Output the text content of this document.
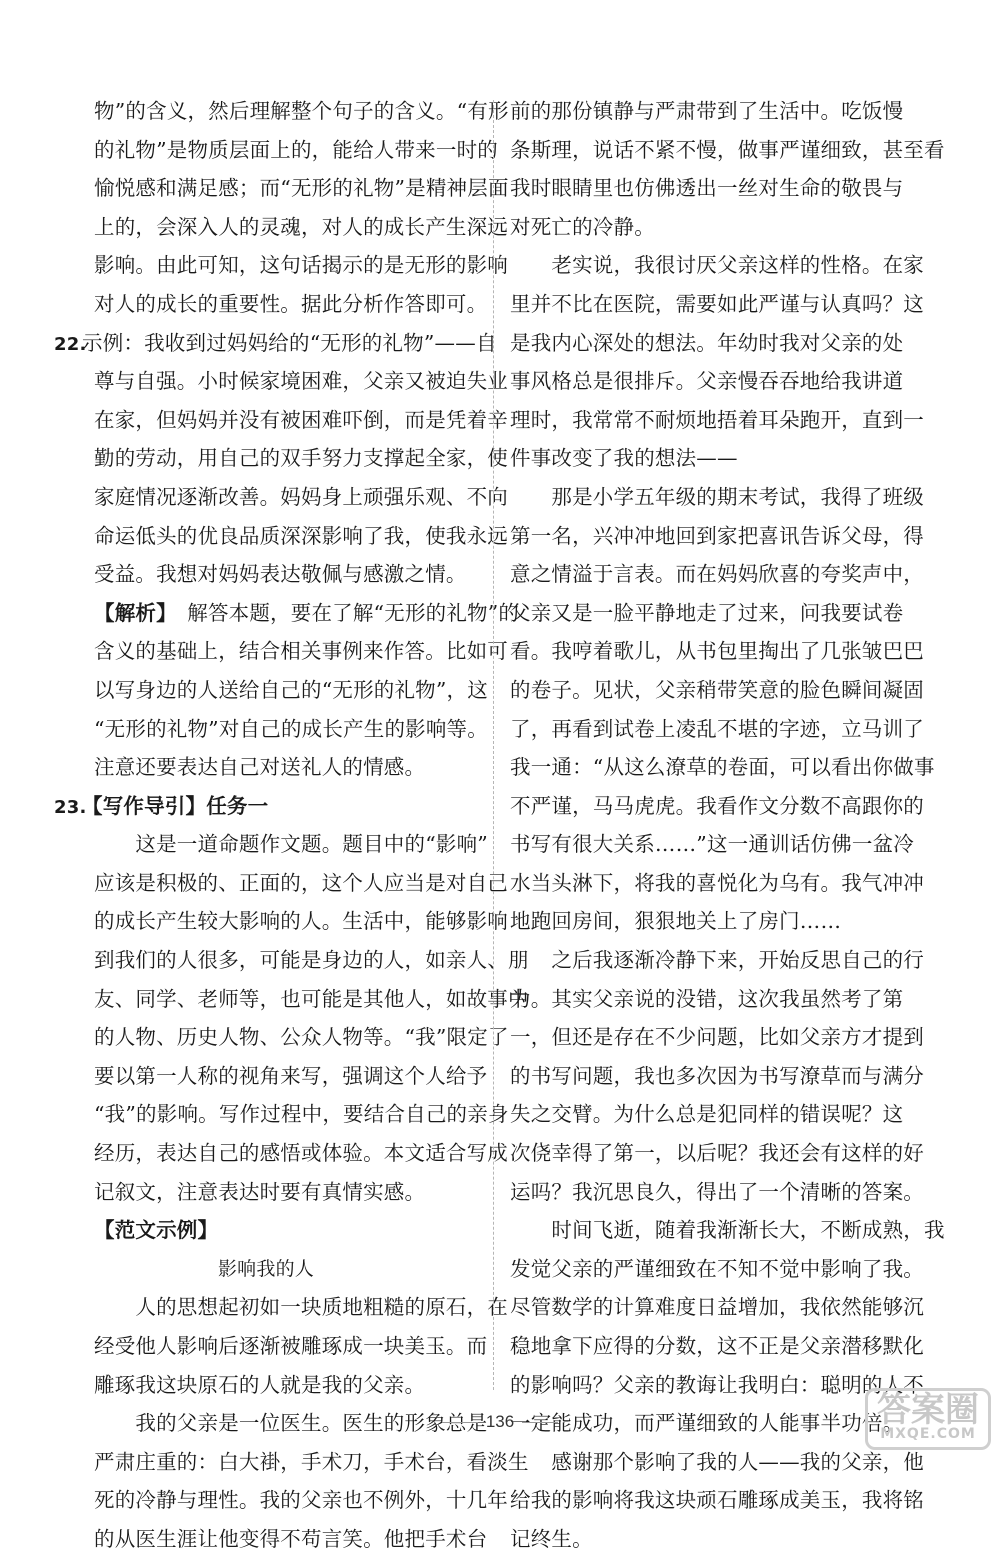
物”的含义，然后理解整个句子的含义。“有形
的礼物”是物质层面上的，能给人带来一时的
愉悦感和满足感；而“无形的礼物”是精神层面
上的，会深入人的灵魂，对人的成长产生深远
影响。由此可知，这句话揭示的是无形的影响
对人的成长的重要性。据此分析作答即可。
22.示例：我收到过妈妈给的“无形的礼物”——自
尊与自强。小时候家境困难，父亲又被迫失业
在家，但妈妈并没有被困难吓倒，而是凭着辛
勤的劳动，用自己的双手努力支撑起全家，使
家庭情况逐渐改善。妈妈身上顽强乐观、不向
命运低头的优良品质深深影响了我，使我永远
受益。我想对妈妈表达敬佩与感激之情。
【解析】　解答本题，要在了解“无形的礼物”的
含义的基础上，结合相关事例来作答。比如可
以写身边的人送给自己的“无形的礼物”，这
“无形的礼物”对自己的成长产生的影响等。
注意还要表达自己对送礼人的情感。
23.【写作导引】任务一
　　这是一道命题作文题。题目中的“影响”
应该是积极的、正面的，这个人应当是对自己
的成长产生较大影响的人。生活中，能够影响
到我们的人很多，可能是身边的人，如亲人、朋
友、同学、老师等，也可能是其他人，如故事中
的人物、历史人物、公众人物等。“我”限定了
要以第一人称的视角来写，强调这个人给予
“我”的影响。写作过程中，要结合自己的亲身
经历，表达自己的感悟或体验。本文适合写成
记叙文，注意表达时要有真情实感。
【范文示例】
影响我的人
　　人的思想起初如一块质地粗糙的原石，在
经受他人影响后逐渐被雕琢成一块美玉。而
雕琢我这块原石的人就是我的父亲。
　　我的父亲是一位医生。医生的形象总是
严肃庄重的：白大褂，手术刀，手术台，看淡生
死的冷静与理性。我的父亲也不例外，十几年
的从医生涯让他变得不苟言笑。他把手术台
前的那份镇静与严肃带到了生活中。吃饭慢
条斯理，说话不紧不慢，做事严谨细致，甚至看
我时眼睛里也仿佛透出一丝对生命的敬畏与
对死亡的冷静。
　　老实说，我很讨厌父亲这样的性格。在家
里并不比在医院，需要如此严谨与认真吗？这
是我内心深处的想法。年幼时我对父亲的处
事风格总是很排斥。父亲慢吞吞地给我讲道
理时，我常常不耐烦地捂着耳朵跑开，直到一
件事改变了我的想法——
　　那是小学五年级的期末考试，我得了班级
第一名，兴冲冲地回到家把喜讯告诉父母，得
意之情溢于言表。而在妈妈欣喜的夸奖声中，
父亲又是一脸平静地走了过来，问我要试卷
看。我哼着歌儿，从书包里掏出了几张皱巴巴
的卷子。见状，父亲稍带笑意的脸色瞬间凝固
了，再看到试卷上凌乱不堪的字迹，立马训了
我一通：“从这么潦草的卷面，可以看出你做事
不严谨，马马虎虎。我看作文分数不高跟你的
书写有很大关系……”这一通训话仿佛一盆冷
水当头淋下，将我的喜悦化为乌有。我气冲冲
地跑回房间，狠狠地关上了房门……
　　之后我逐渐冷静下来，开始反思自己的行
为。其实父亲说的没错，这次我虽然考了第
一，但还是存在不少问题，比如父亲方才提到
的书写问题，我也多次因为书写潦草而与满分
失之交臂。为什么总是犯同样的错误呢？这
次侥幸得了第一，以后呢？我还会有这样的好
运吗？我沉思良久，得出了一个清晰的答案。
　　时间飞逝，随着我渐渐长大，不断成熟，我
发觉父亲的严谨细致在不知不觉中影响了我。
尽管数学的计算难度日益增加，我依然能够沉
稳地拿下应得的分数，这不正是父亲潜移默化
的影响吗？父亲的教诲让我明白：聪明的人不
一定能成功，而严谨细致的人能事半功倍。
　　感谢那个影响了我的人——我的父亲，他
给我的影响将我这块顽石雕琢成美玉，我将铭
记终生。
136	答案圈
MXQE.COM
